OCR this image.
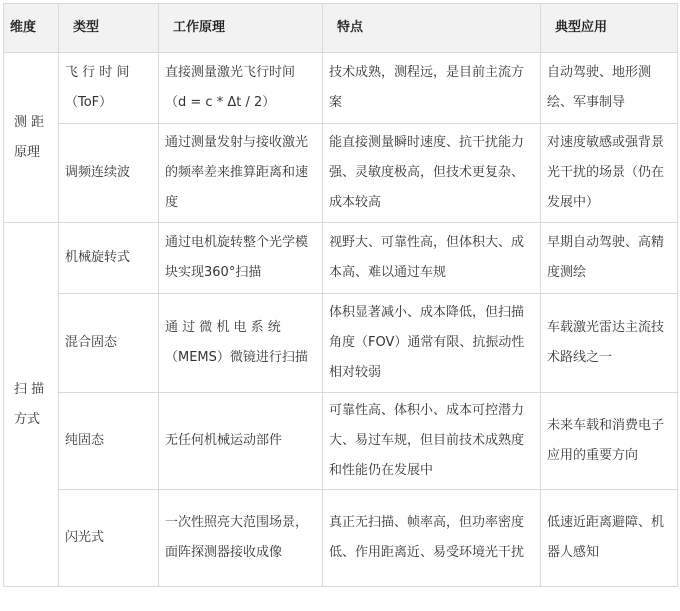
维度	类型	工作原理	特点	典型应用
测 距 原理	飞 行 时 间（ToF）	直接测量激光飞行时间（d = c * Δt / 2）	技术成熟，测程远，是目前主流方案	自动驾驶、地形测绘、军事制导
	调频连续波	通过测量发射与接收激光的频率差来推算距离和速度	能直接测量瞬时速度、抗干扰能力强、灵敏度极高，但技术更复杂、成本较高	对速度敏感或强背景光干扰的场景（仍在发展中）
扫 描 方式	机械旋转式	通过电机旋转整个光学模块实现360°扫描	视野大、可靠性高，但体积大、成本高、难以通过车规	早期自动驾驶、高精度测绘
	混合固态	通 过 微 机 电 系 统（MEMS）微镜进行扫描	体积显著减小、成本降低，但扫描角度（FOV）通常有限、抗振动性相对较弱	车载激光雷达主流技术路线之一
	纯固态	无任何机械运动部件	可靠性高、体积小、成本可控潜力大、易过车规，但目前技术成熟度和性能仍在发展中	未来车载和消费电子应用的重要方向
	闪光式	一次性照亮大范围场景，面阵探测器接收成像	真正无扫描、帧率高，但功率密度低、作用距离近、易受环境光干扰	低速近距离避障、机器人感知
